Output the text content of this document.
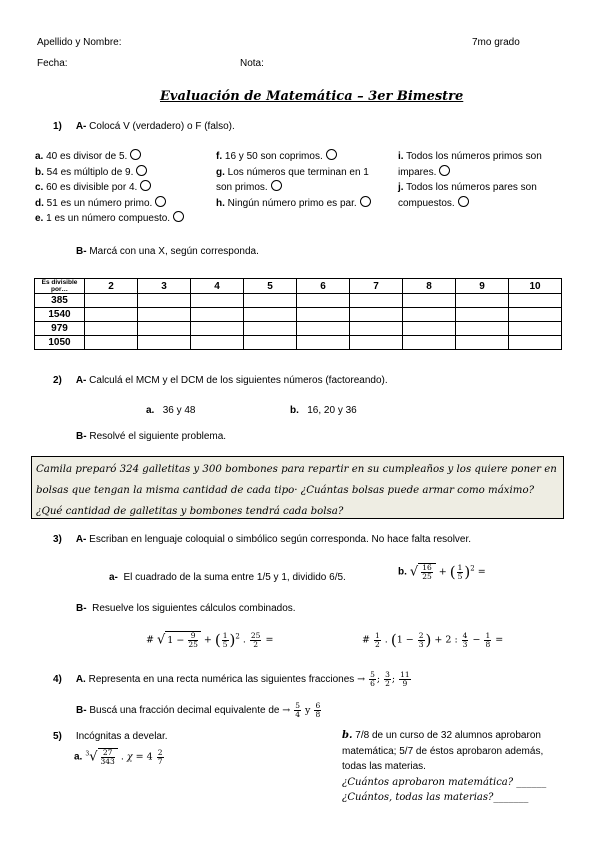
Apellido y Nombre:	7mo grado
Fecha:	Nota:
Evaluación de Matemática – 3er Bimestre
1) A- Colocá V (verdadero) o F (falso).
a. 40 es divisor de 5.
b. 54 es múltiplo de 9.
c. 60 es divisible por 4.
d. 51 es un número primo.
e. 1 es un número compuesto.
f. 16 y 50 son coprimos.
g. Los números que terminan en 1
son primos.
h. Ningún número primo es par.
i. Todos los números primos son
impares.
j. Todos los números pares son
compuestos.
B- Marcá con una X, según corresponda.
Es divisible
por…	2	3	4	5	6	7	8	9	10
385									
1540									
979									
1050									
2) A- Calculá el MCM y el DCM de los siguientes números (factoreando).
a. 36 y 48	b. 16, 20 y 36
B- Resolvé el siguiente problema.
Camila preparó 324 galletitas y 300 bombones para repartir en su cumpleaños y los quiere poner en bolsas que tengan la misma cantidad de cada tipo· ¿Cuántas bolsas puede armar como máximo? ¿Qué cantidad de galletitas y bombones tendrá cada bolsa?
3) A- Escriban en lenguaje coloquial o simbólico según corresponda. No hace falta resolver.
a- El cuadrado de la suma entre 1/5 y 1, dividido 6/5.	b. √ $\frac{16}{25}$ + ( $\frac{1}{5} )^2$ =
B- Resuelve los siguientes cálculos combinados.
# √ $1 - \frac{9}{25}$ + ( $\frac{1}{5} )^2$ . $\frac{25}{2}$ =	# $\frac{1}{2}$ . ($1 - \frac{2}{3}$ ) + 2 : $\frac{4}{3} - \frac{1}{8}$ =
4) A. Representa en una recta numérica las siguientes fracciones → $\frac{5}{6}$ ; $\frac{3}{2}$ ; $\frac{11}{9}$
B- Buscá una fracción decimal equivalente de → $\frac{5}{4}$ y $\frac{6}{8}$
5) Incógnitas a develar.
a. $^3√ \frac{27}{343}$ . $\chi = 4 \frac{2}{7}$
b. 7/8 de un curso de 32 alumnos aprobaron
matemática; 5/7 de éstos aprobaron además,
todas las materias.
¿Cuántos aprobaron matemática? ______
¿Cuántos, todas las materias?_______
